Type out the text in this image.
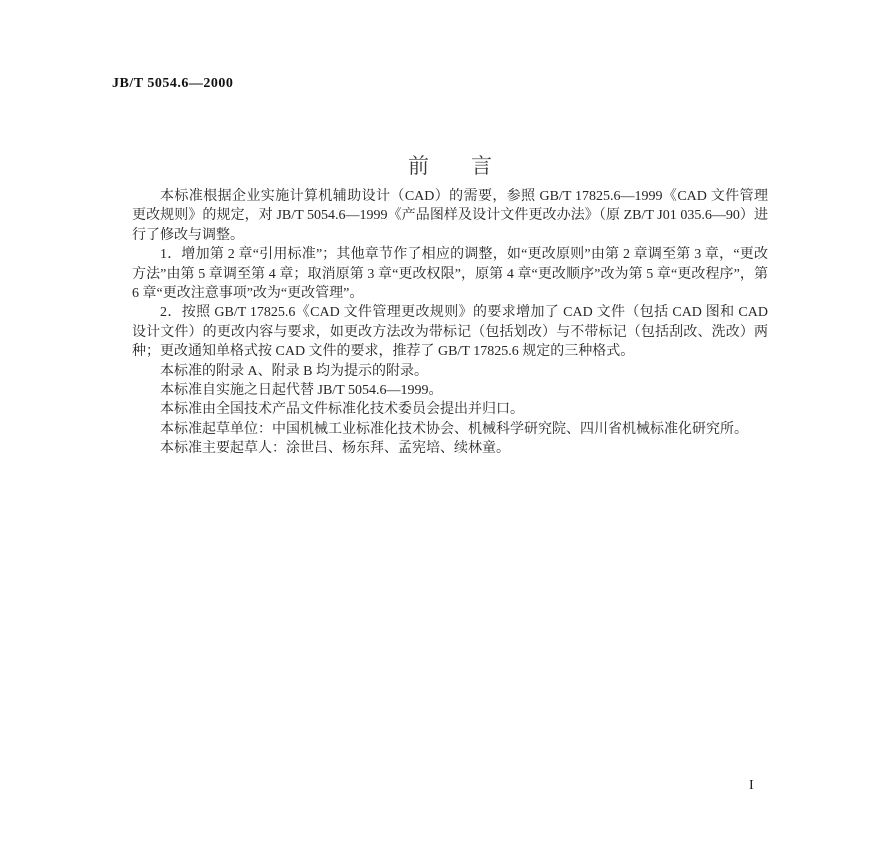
JB/T 5054.6—2000
前　　言

本标准根据企业实施计算机辅助设计（CAD）的需要，参照 GB/T 17825.6—1999《CAD 文件管理更改规则》的规定，对 JB/T 5054.6—1999《产品图样及设计文件更改办法》（原 ZB/T J01 035.6—90）进行了修改与调整。

1．增加第 2 章“引用标准”；其他章节作了相应的调整，如“更改原则”由第 2 章调至第 3 章，“更改方法”由第 5 章调至第 4 章；取消原第 3 章“更改权限”，原第 4 章“更改顺序”改为第 5 章“更改程序”，第 6 章“更改注意事项”改为“更改管理”。

2．按照 GB/T 17825.6《CAD 文件管理更改规则》的要求增加了 CAD 文件（包括 CAD 图和 CAD 设计文件）的更改内容与要求，如更改方法改为带标记（包括划改）与不带标记（包括刮改、洗改）两种；更改通知单格式按 CAD 文件的要求，推荐了 GB/T 17825.6 规定的三种格式。

本标准的附录 A、附录 B 均为提示的附录。

本标准自实施之日起代替 JB/T 5054.6—1999。

本标准由全国技术产品文件标准化技术委员会提出并归口。

本标准起草单位：中国机械工业标准化技术协会、机械科学研究院、四川省机械标准化研究所。

本标准主要起草人：涂世吕、杨东拜、孟宪培、续林童。

I
